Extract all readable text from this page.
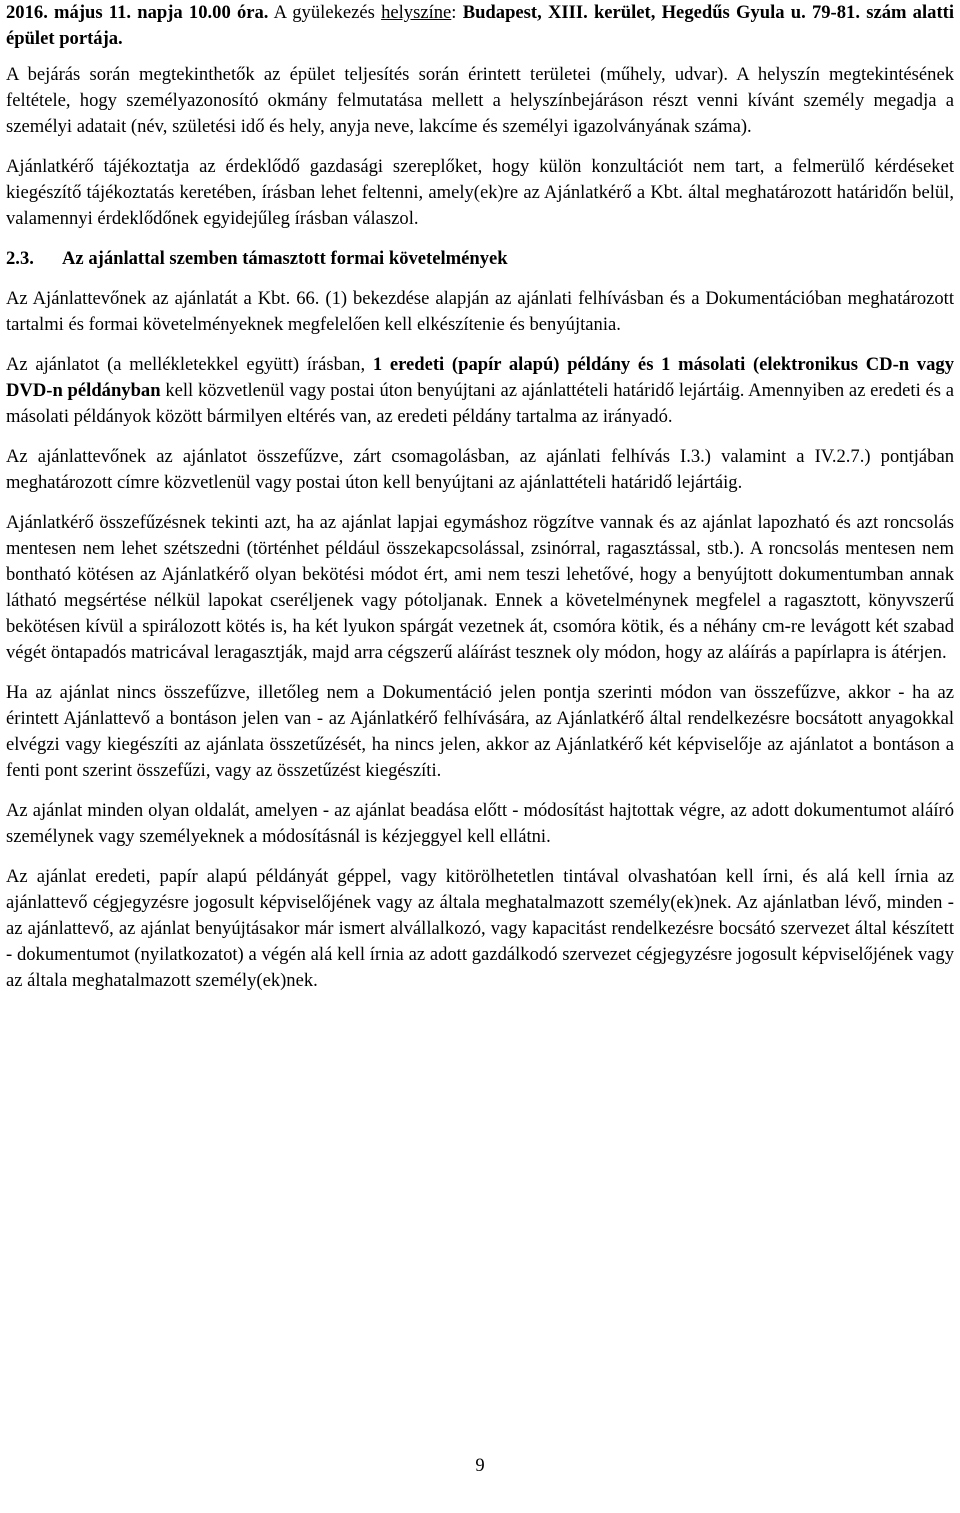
2016. május 11. napja 10.00 óra. A gyülekezés helyszíne: Budapest, XIII. kerület, Hegedűs Gyula u. 79-81. szám alatti épület portája.

A bejárás során megtekinthetők az épület teljesítés során érintett területei (műhely, udvar). A helyszín megtekintésének feltétele, hogy személyazonosító okmány felmutatása mellett a helyszínbejáráson részt venni kívánt személy megadja a személyi adatait (név, születési idő és hely, anyja neve, lakcíme és személyi igazolványának száma).

Ajánlatkérő tájékoztatja az érdeklődő gazdasági szereplőket, hogy külön konzultációt nem tart, a felmerülő kérdéseket kiegészítő tájékoztatás keretében, írásban lehet feltenni, amely(ek)re az Ajánlatkérő a Kbt. által meghatározott határidőn belül, valamennyi érdeklődőnek egyidejűleg írásban válaszol.

2.3. Az ajánlattal szemben támasztott formai követelmények

Az Ajánlattevőnek az ajánlatát a Kbt. 66. (1) bekezdése alapján az ajánlati felhívásban és a Dokumentációban meghatározott tartalmi és formai követelményeknek megfelelően kell elkészítenie és benyújtania.

Az ajánlatot (a mellékletekkel együtt) írásban, 1 eredeti (papír alapú) példány és 1 másolati (elektronikus CD-n vagy DVD-n példányban kell közvetlenül vagy postai úton benyújtani az ajánlattételi határidő lejártáig. Amennyiben az eredeti és a másolati példányok között bármilyen eltérés van, az eredeti példány tartalma az irányadó.

Az ajánlattevőnek az ajánlatot összefűzve, zárt csomagolásban, az ajánlati felhívás I.3.) valamint a IV.2.7.) pontjában meghatározott címre közvetlenül vagy postai úton kell benyújtani az ajánlattételi határidő lejártáig.

Ajánlatkérő összefűzésnek tekinti azt, ha az ajánlat lapjai egymáshoz rögzítve vannak és az ajánlat lapozható és azt roncsolás mentesen nem lehet szétszedni (történhet például összekapcsolással, zsinórral, ragasztással, stb.). A roncsolás mentesen nem bontható kötésen az Ajánlatkérő olyan bekötési módot ért, ami nem teszi lehetővé, hogy a benyújtott dokumentumban annak látható megsértése nélkül lapokat cseréljenek vagy pótoljanak. Ennek a követelménynek megfelel a ragasztott, könyvszerű bekötésen kívül a spirálozott kötés is, ha két lyukon spárgát vezetnek át, csomóra kötik, és a néhány cm-re levágott két szabad végét öntapadós matricával leragasztják, majd arra cégszerű aláírást tesznek oly módon, hogy az aláírás a papírlapra is átérjen.

Ha az ajánlat nincs összefűzve, illetőleg nem a Dokumentáció jelen pontja szerinti módon van összefűzve, akkor - ha az érintett Ajánlattevő a bontáson jelen van - az Ajánlatkérő felhívására, az Ajánlatkérő által rendelkezésre bocsátott anyagokkal elvégzi vagy kiegészíti az ajánlata összetűzését, ha nincs jelen, akkor az Ajánlatkérő két képviselője az ajánlatot a bontáson a fenti pont szerint összefűzi, vagy az összetűzést kiegészíti.

Az ajánlat minden olyan oldalát, amelyen - az ajánlat beadása előtt - módosítást hajtottak végre, az adott dokumentumot aláíró személynek vagy személyeknek a módosításnál is kézjeggyel kell ellátni.

Az ajánlat eredeti, papír alapú példányát géppel, vagy kitörölhetetlen tintával olvashatóan kell írni, és alá kell írnia az ajánlattevő cégjegyzésre jogosult képviselőjének vagy az általa meghatalmazott személy(ek)nek. Az ajánlatban lévő, minden - az ajánlattevő, az ajánlat benyújtásakor már ismert alvállalkozó, vagy kapacitást rendelkezésre bocsátó szervezet által készített - dokumentumot (nyilatkozatot) a végén alá kell írnia az adott gazdálkodó szervezet cégjegyzésre jogosult képviselőjének vagy az általa meghatalmazott személy(ek)nek.

9
